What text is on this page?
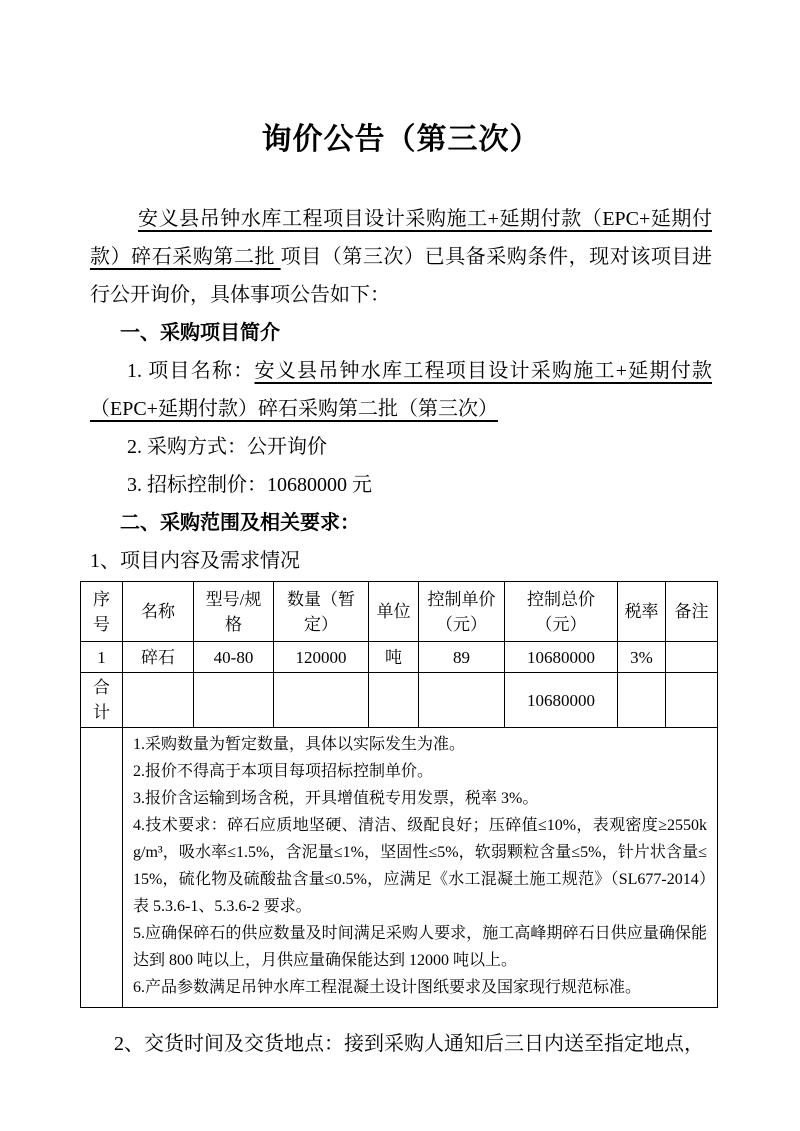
询价公告（第三次）

安义县吊钟水库工程项目设计采购施工+延期付款（EPC+延期付款）碎石采购第二批 项目（第三次）已具备采购条件，现对该项目进行公开询价，具体事项公告如下：

一、采购项目简介

1. 项目名称：安义县吊钟水库工程项目设计采购施工+延期付款（EPC+延期付款）碎石采购第二批（第三次）

2. 采购方式：公开询价

3. 招标控制价：10680000 元

二、采购范围及相关要求：

1、项目内容及需求情况

序号	名称	型号/规格	数量（暂定）	单位	控制单价（元）	控制总价（元）	税率	备注
1	碎石	40-80	120000	吨	89	10680000	3%	
合计						10680000		

1.采购数量为暂定数量，具体以实际发生为准。

2.报价不得高于本项目每项招标控制单价。

3.报价含运输到场含税，开具增值税专用发票，税率 3%。

4.技术要求：碎石应质地坚硬、清洁、级配良好；压碎值≤10%，表观密度≥2550kg/m³，吸水率≤1.5%，含泥量≤1%，坚固性≤5%，软弱颗粒含量≤5%，针片状含量≤15%，硫化物及硫酸盐含量≤0.5%，应满足《水工混凝土施工规范》（SL677-2014）表 5.3.6-1、5.3.6-2 要求。

5.应确保碎石的供应数量及时间满足采购人要求，施工高峰期碎石日供应量确保能达到 800 吨以上，月供应量确保能达到 12000 吨以上。

6.产品参数满足吊钟水库工程混凝土设计图纸要求及国家现行规范标准。

2、交货时间及交货地点：接到采购人通知后三日内送至指定地点，
